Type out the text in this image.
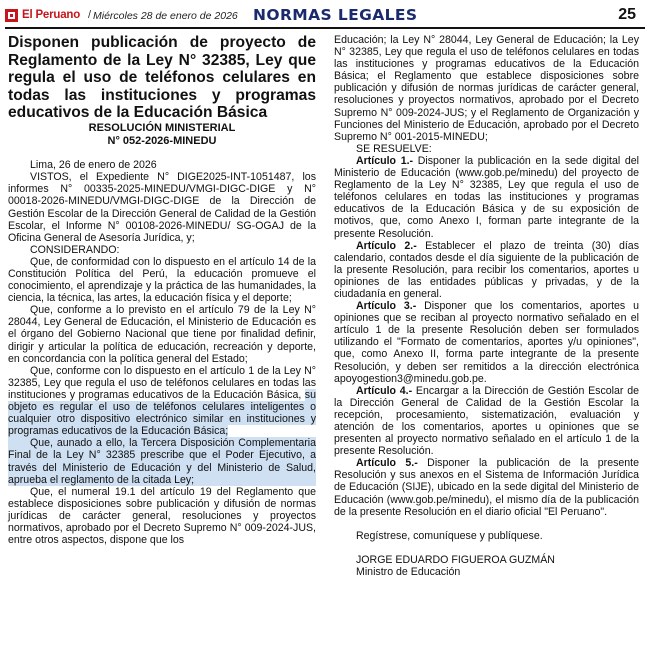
El Peruano / Miércoles 28 de enero de 2026 NORMAS LEGALES	25

Disponen publicación de proyecto de Reglamento de la Ley N° 32385, Ley que regula el uso de teléfonos celulares en todas las instituciones y programas educativos de la Educación Básica

RESOLUCIÓN MINISTERIAL
N° 052-2026-MINEDU

Lima, 26 de enero de 2026

VISTOS, el Expediente N° DIGE2025-INT-1051487, los informes N° 00335-2025-MINEDU/VMGI-DIGC-DIGE y N° 00018-2026-MINEDU/VMGI-DIGC-DIGE de la Dirección de Gestión Escolar de la Dirección General de Calidad de la Gestión Escolar, el Informe N° 00108-2026-MINEDU/ SG-OGAJ de la Oficina General de Asesoría Jurídica, y;

CONSIDERANDO:

Que, de conformidad con lo dispuesto en el artículo 14 de la Constitución Política del Perú, la educación promueve el conocimiento, el aprendizaje y la práctica de las humanidades, la ciencia, la técnica, las artes, la educación física y el deporte;

Que, conforme a lo previsto en el artículo 79 de la Ley N° 28044, Ley General de Educación, el Ministerio de Educación es el órgano del Gobierno Nacional que tiene por finalidad definir, dirigir y articular la política de educación, recreación y deporte, en concordancia con la política general del Estado;

Que, conforme con lo dispuesto en el artículo 1 de la Ley N° 32385, Ley que regula el uso de teléfonos celulares en todas las instituciones y programas educativos de la Educación Básica, su objeto es regular el uso de teléfonos celulares inteligentes o cualquier otro dispositivo electrónico similar en instituciones y programas educativos de la Educación Básica;

Que, aunado a ello, la Tercera Disposición Complementaria Final de la Ley N° 32385 prescribe que el Poder Ejecutivo, a través del Ministerio de Educación y del Ministerio de Salud, aprueba el reglamento de la citada Ley;

Que, el numeral 19.1 del artículo 19 del Reglamento que establece disposiciones sobre publicación y difusión de normas jurídicas de carácter general, resoluciones y proyectos normativos, aprobado por el Decreto Supremo N° 009-2024-JUS, entre otros aspectos, dispone que los

Educación; la Ley N° 28044, Ley General de Educación; la Ley N° 32385, Ley que regula el uso de teléfonos celulares en todas las instituciones y programas educativos de la Educación Básica; el Reglamento que establece disposiciones sobre publicación y difusión de normas jurídicas de carácter general, resoluciones y proyectos normativos, aprobado por el Decreto Supremo N° 009-2024-JUS; y el Reglamento de Organización y Funciones del Ministerio de Educación, aprobado por el Decreto Supremo N° 001-2015-MINEDU;

SE RESUELVE:

Artículo 1.- Disponer la publicación en la sede digital del Ministerio de Educación (www.gob.pe/minedu) del proyecto de Reglamento de la Ley N° 32385, Ley que regula el uso de teléfonos celulares en todas las instituciones y programas educativos de la Educación Básica y de su exposición de motivos, que, como Anexo I, forman parte integrante de la presente Resolución.

Artículo 2.- Establecer el plazo de treinta (30) días calendario, contados desde el día siguiente de la publicación de la presente Resolución, para recibir los comentarios, aportes u opiniones de las entidades públicas y privadas, y de la ciudadanía en general.

Artículo 3.- Disponer que los comentarios, aportes u opiniones que se reciban al proyecto normativo señalado en el artículo 1 de la presente Resolución deben ser formulados utilizando el "Formato de comentarios, aportes y/u opiniones", que, como Anexo II, forma parte integrante de la presente Resolución, y deben ser remitidos a la dirección electrónica apoyogestion3@minedu.gob.pe.

Artículo 4.- Encargar a la Dirección de Gestión Escolar de la Dirección General de Calidad de la Gestión Escolar la recepción, procesamiento, sistematización, evaluación y atención de los comentarios, aportes u opiniones que se presenten al proyecto normativo señalado en el artículo 1 de la presente Resolución.

Artículo 5.- Disponer la publicación de la presente Resolución y sus anexos en el Sistema de Información Jurídica de Educación (SIJE), ubicado en la sede digital del Ministerio de Educación (www.gob.pe/minedu), el mismo día de la publicación de la presente Resolución en el diario oficial "El Peruano".

Regístrese, comuníquese y publíquese.

JORGE EDUARDO FIGUEROA GUZMÁN

Ministro de Educación
